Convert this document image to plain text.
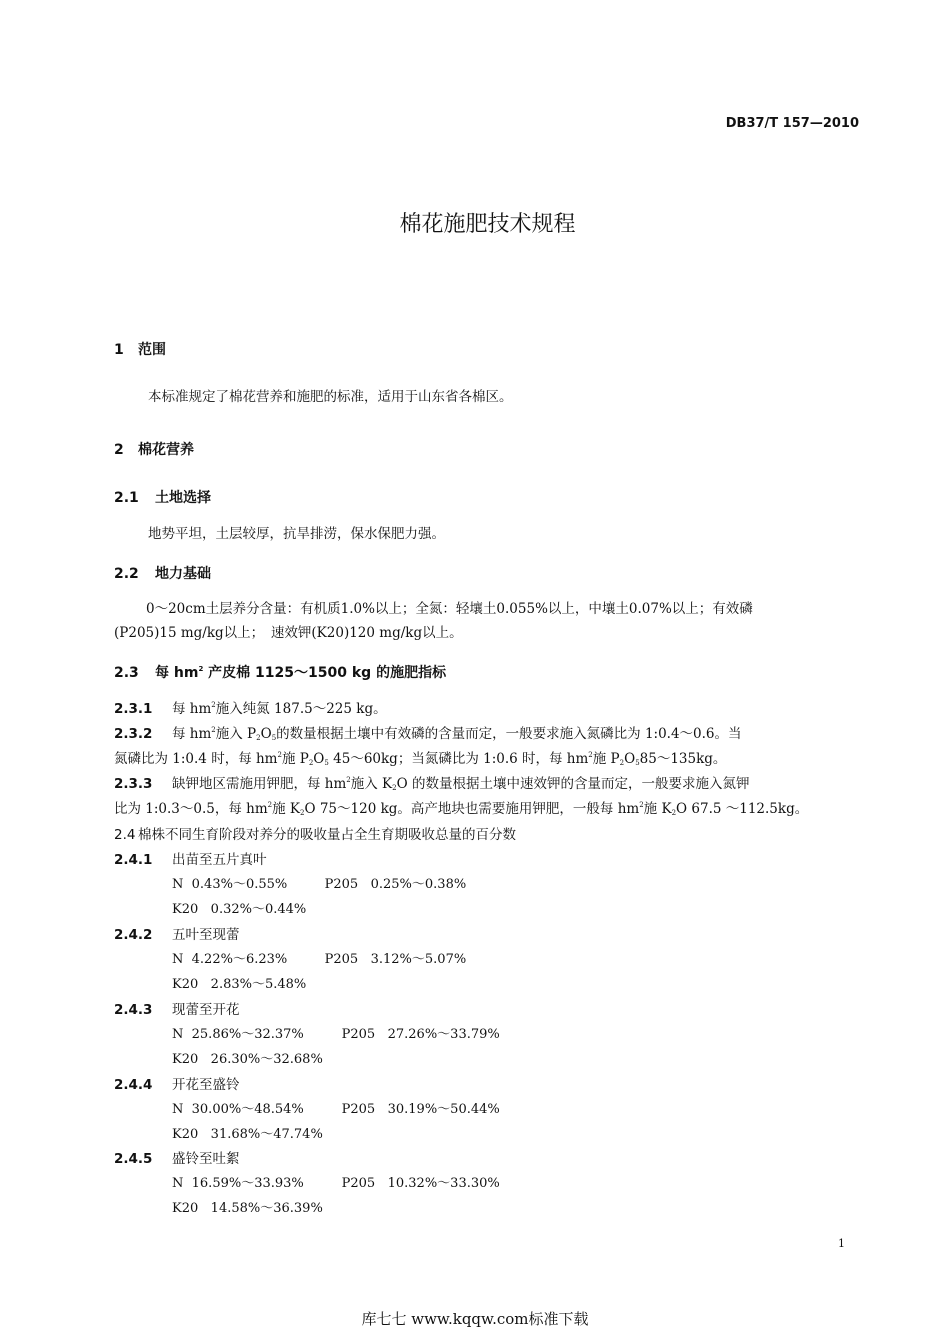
DB37/T 157—2010
棉花施肥技术规程
1 范围
本标准规定了棉花营养和施肥的标准，适用于山东省各棉区。
2 棉花营养
2.1 土地选择
地势平坦，土层较厚，抗旱排涝，保水保肥力强。
2.2 地力基础
0～20cm土层养分含量：有机质1.0%以上；全氮：轻壤土0.055%以上，中壤土0.07%以上；有效磷
(P205)15 mg/kg以上；　速效钾(K20)120 mg/kg以上。
2.3 每 $hm^2$ 产皮棉 1125～1500 kg 的施肥指标
2.3.1 每 $hm^2$施入纯氮 187.5～225 kg。
2.3.2 每 $hm^2$施入 $P_2O_5$的数量根据土壤中有效磷的含量而定，一般要求施入氮磷比为 1:0.4～0.6。当
氮磷比为 1:0.4 时，每 $hm^2$施 $P_2O_5$ 45～60kg；当氮磷比为 1:0.6 时，每 $hm^2$施 $P_2O_585\sim 135kg$。
2.3.3 缺钾地区需施用钾肥，每 $hm^2$施入 $K_2O$ 的数量根据土壤中速效钾的含量而定，一般要求施入氮钾
比为 1:0.3～0.5，每 $hm^2$施 $K_2O$ 75～120 kg。高产地块也需要施用钾肥，一般每 $hm^2$施 $K_2O$ 67.5 ～112.5kg。
2.4 棉株不同生育阶段对养分的吸收量占全生育期吸收总量的百分数
2.4.1 出苗至五片真叶
N 0.43%～0.55%	P205 0.25%～0.38%
K20 0.32%～0.44%
2.4.2 五叶至现蕾
N 4.22%～6.23%	P205 3.12%～5.07%
K20 2.83%～5.48%
2.4.3 现蕾至开花
N 25.86%～32.37%	P205 27.26%～33.79%
K20 26.30%～32.68%
2.4.4 开花至盛铃
N 30.00%～48.54%	P205 30.19%～50.44%
K20 31.68%～47.74%
2.4.5 盛铃至吐絮
N 16.59%～33.93%	P205 10.32%～33.30%
K20 14.58%～36.39%
1
库七七 www.kqqw.com标准下载
